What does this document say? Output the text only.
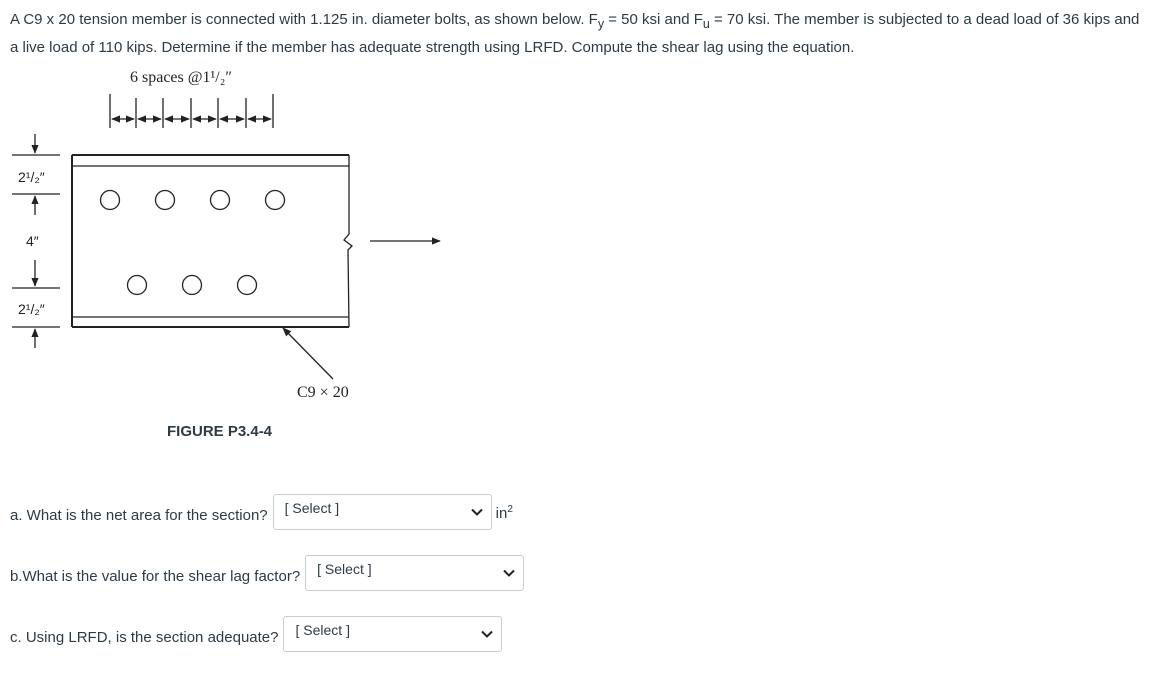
A C9 x 20 tension member is connected with 1.125 in. diameter bolts, as shown below. $F_y = 50$ ksi and $F_u = 70$ ksi. The member is subjected to a dead load of 36 kips and a live load of 110 kips. Determine if the member has adequate strength using LRFD. Compute the shear lag using the equation.

6 spaces @1¹/₂″
2¹/₂″
4″
2¹/₂″
C9 × 20
FIGURE P3.4-4
a. What is the net area for the section? [ Select ]	$in^2$
b.What is the value for the shear lag factor? [ Select ]
c. Using LRFD, is the section adequate? [ Select ]
